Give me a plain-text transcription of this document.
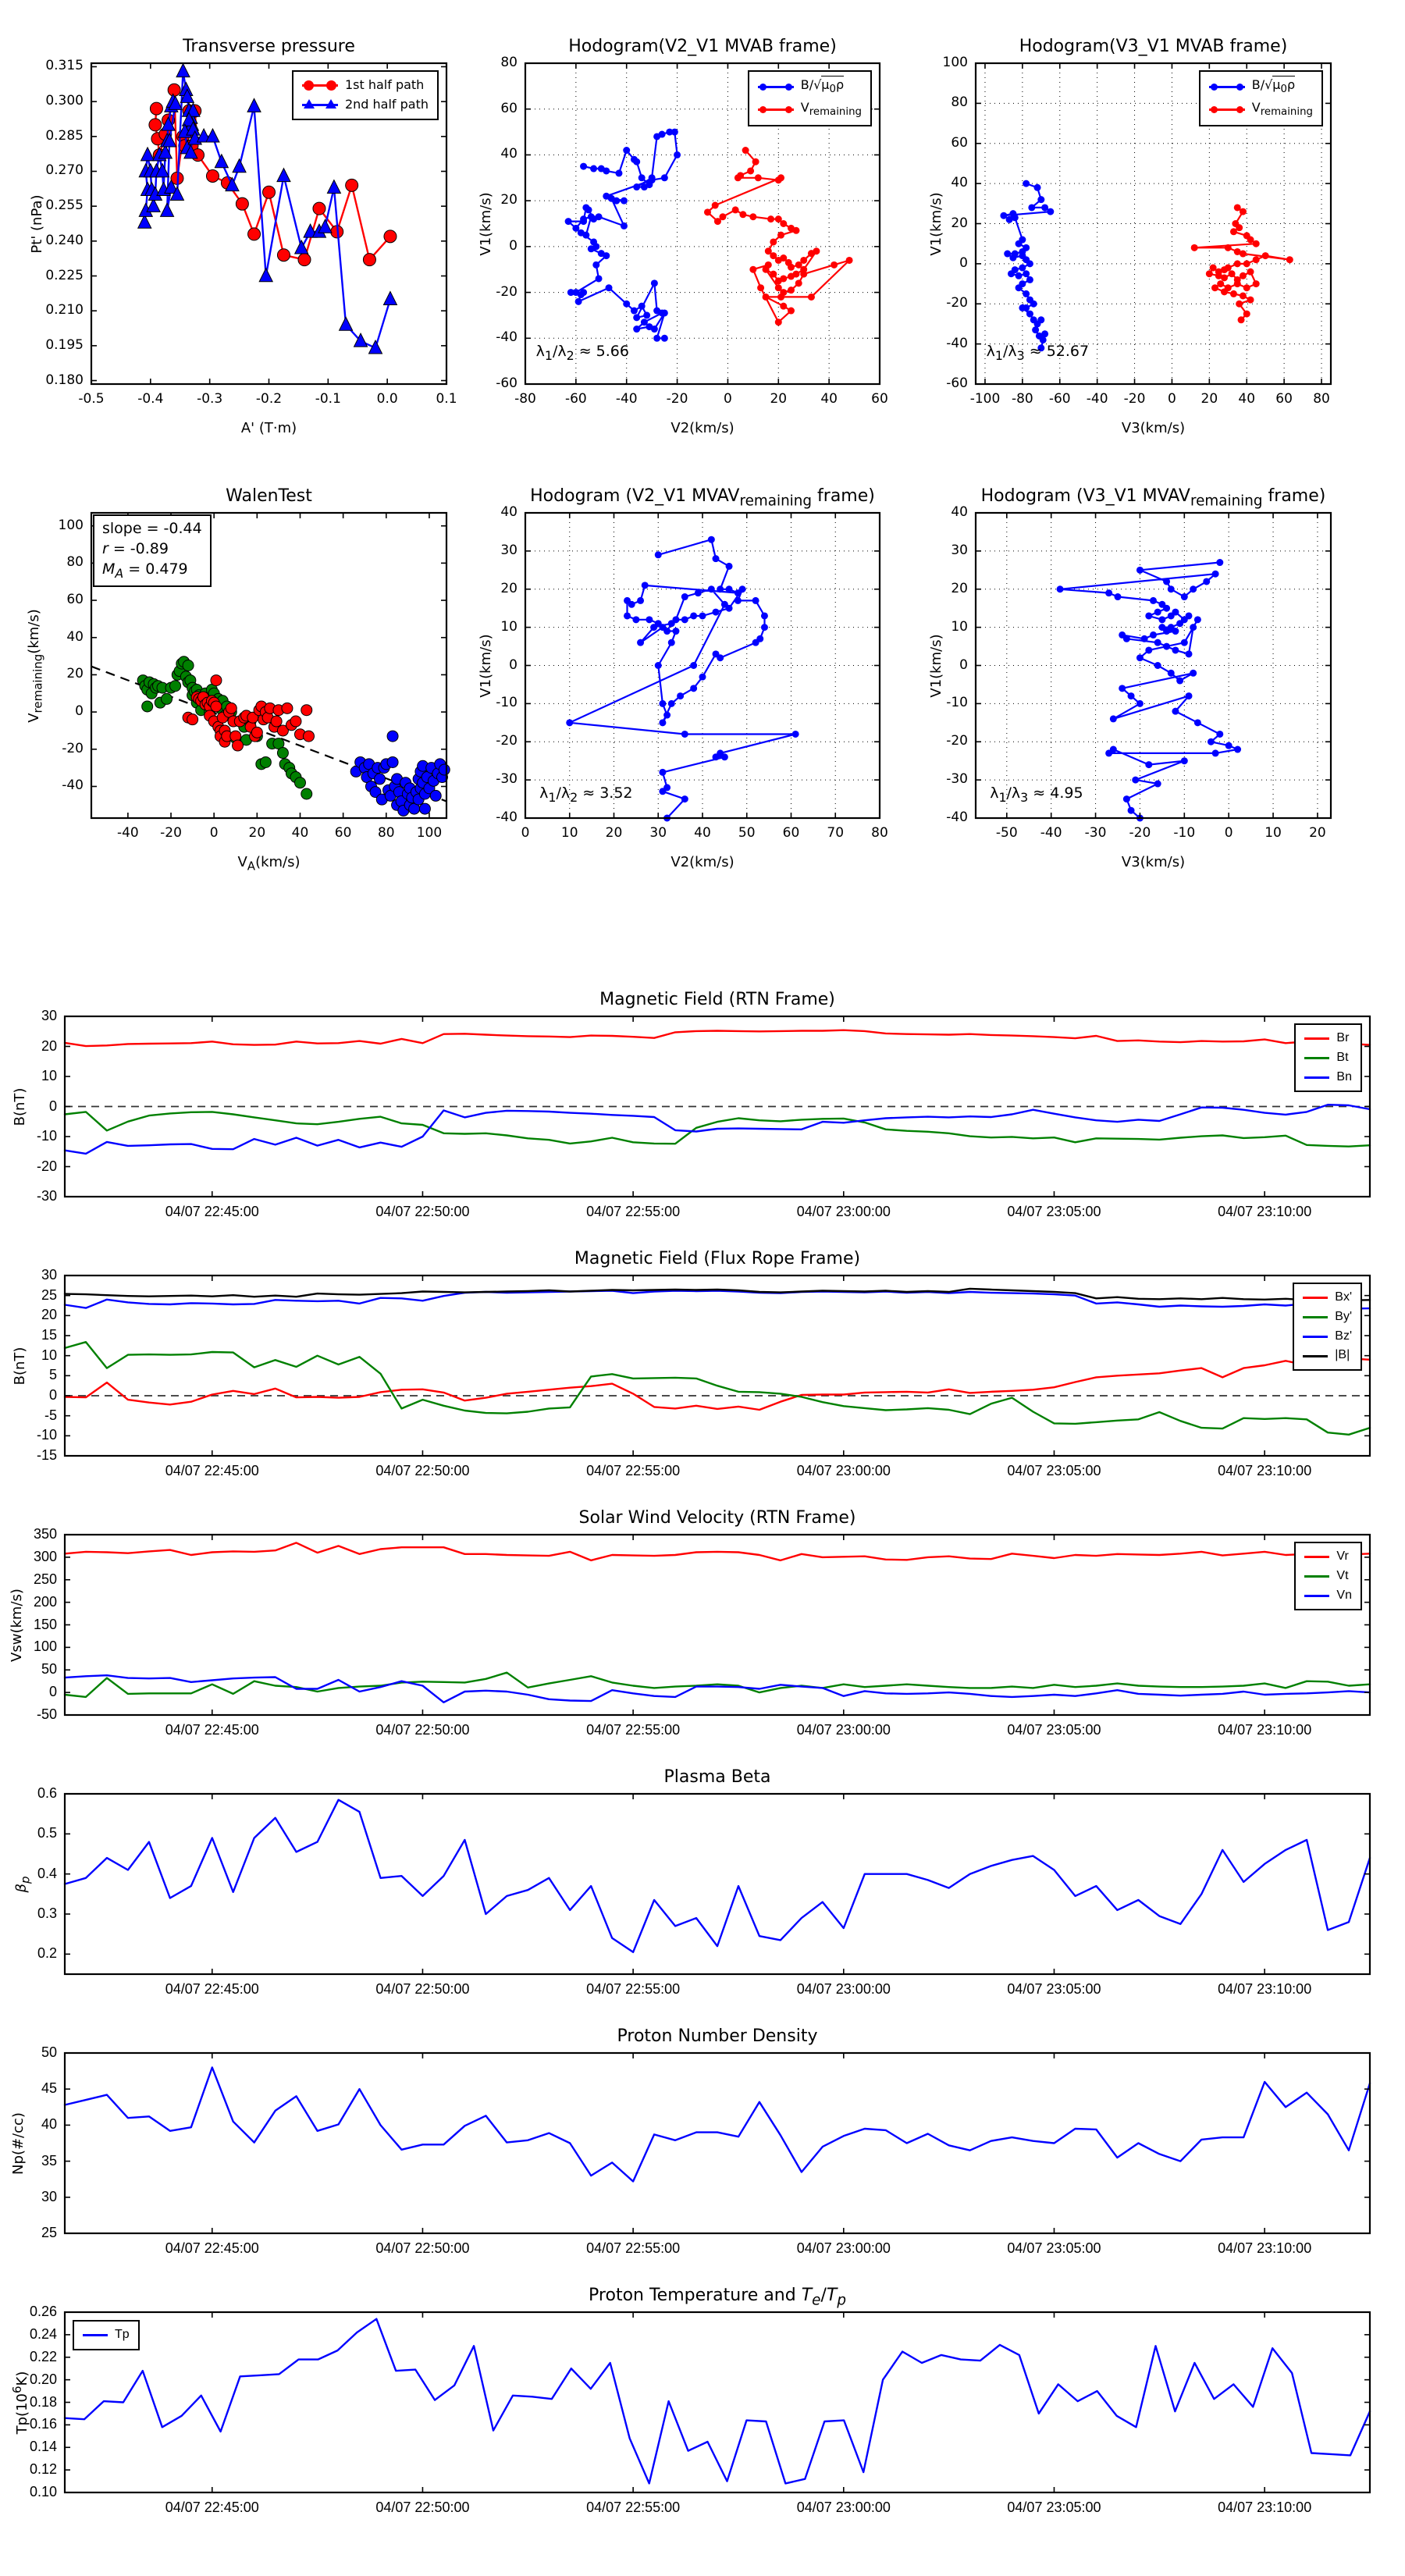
-0.5	-0.4	-0.3	-0.2	-0.1	0.0	0.1
0.180
0.195
0.210
0.225
0.240
0.255
0.270
0.285
0.300
0.315
Transverse pressure
A' (T·m)
Pt' (nPa)
1st half path
2nd half path
-80	-60	-40	-20	0	20	40	60
-60
-40
-20
0
20
40
60
80
Hodogram(V2_V1 MVAB frame)
V2(km/s)
V1(km/s)
$\lambda_1/\lambda_2 \approx 5.66$
$B/√\mu_0\rho$
$V_{remaining}$
-100 -80	-60	-40	-20	0	20	40	60	80
-60
-40
-20
0
20
40
60
80
100
Hodogram(V3_V1 MVAB frame)
V3(km/s)
V1(km/s)
$\lambda_1/\lambda_3 \approx 52.67$
$B/√\mu_0\rho$
$V_{remaining}$
-40	-20	0	20	40	60	80	100
-40
-20
0
20
40
60
80
100
WalenTest
$V_A(km/s)$
$V_{remaining}(km/s)$
slope = -0.44
r = -0.89
$M_A = 0.479$
0	10	20	30	40	50	60	70	80
-40
-30
-20
-10
0
10
20
30
40
Hodogram (V2_V1 $MVAV_{remaining}$ frame)
V2(km/s)
V1(km/s)
$\lambda_1/\lambda_2 \approx 3.52$
-50	-40	-30	-20	-10	0	10	20
-40
-30
-20
-10
0
10
20
30
40
Hodogram (V3_V1 $MVAV_{remaining}$ frame)
V3(km/s)
V1(km/s)
$\lambda_1/\lambda_3 \approx 4.95$
04/07 22:45:00	04/07 22:50:00	04/07 22:55:00	04/07 23:00:00	04/07 23:05:00	04/07 23:10:00
-30
-20
-10
0
10
20
30
Magnetic Field (RTN Frame)
B(nT)
Br
Bt
Bn
04/07 22:45:00	04/07 22:50:00	04/07 22:55:00	04/07 23:00:00	04/07 23:05:00	04/07 23:10:00
-15
-10
-5
0
5
10
15
20
25
30
Magnetic Field (Flux Rope Frame)
B(nT)
Bx'
By'
Bz'
|B|
04/07 22:45:00	04/07 22:50:00	04/07 22:55:00	04/07 23:00:00	04/07 23:05:00	04/07 23:10:00
-50
0
50
100
150
200
250
300
350
Solar Wind Velocity (RTN Frame)
Vsw(km/s)
Vr
Vt
Vn
04/07 22:45:00	04/07 22:50:00	04/07 22:55:00	04/07 23:00:00	04/07 23:05:00	04/07 23:10:00
0.2
0.3
0.4
0.5
0.6
Plasma Beta
$\beta_p$
04/07 22:45:00	04/07 22:50:00	04/07 22:55:00	04/07 23:00:00	04/07 23:05:00	04/07 23:10:00
25
30
35
40
45
50
Proton Number Density
Np(#/cc)
04/07 22:45:00	04/07 22:50:00	04/07 22:55:00	04/07 23:00:00	04/07 23:05:00	04/07 23:10:00
0.10
0.12
0.14
0.16
0.18
0.20
0.22
0.24
0.26
Proton Temperature and $T_e/T_p$
$Tp(10^6K)$
Tp
